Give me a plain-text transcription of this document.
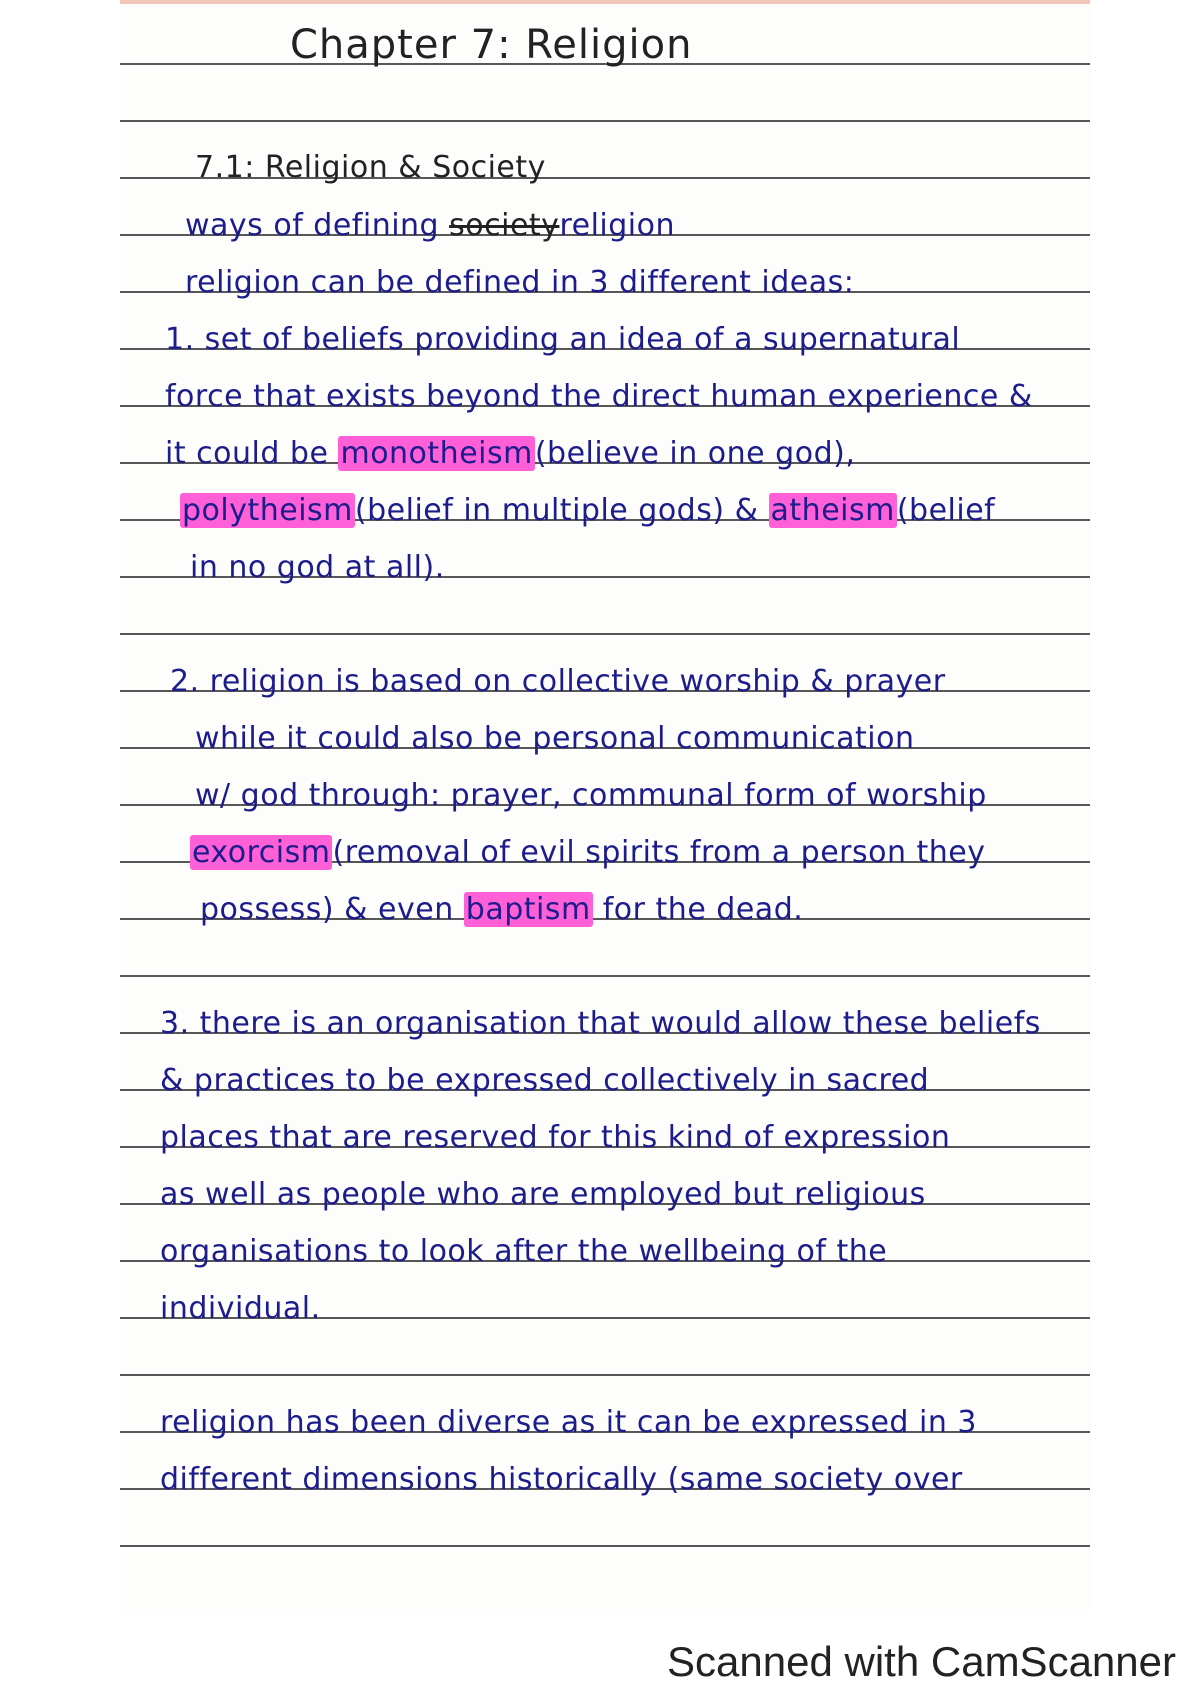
Chapter 7: Religion
7.1: Religion & Society
ways of defining societyreligion
religion can be defined in 3 different ideas:
1. set of beliefs providing an idea of a supernatural
force that exists beyond the direct human experience &
it could be monotheism(believe in one god),
polytheism(belief in multiple gods) & atheism(belief
in no god at all).
2. religion is based on collective worship & prayer
while it could also be personal communication
w/ god through: prayer, communal form of worship
exorcism(removal of evil spirits from a person they
possess) & even baptism for the dead.
3. there is an organisation that would allow these beliefs
& practices to be expressed collectively in sacred
places that are reserved for this kind of expression
as well as people who are employed but religious
organisations to look after the wellbeing of the
individual.
religion has been diverse as it can be expressed in 3
different dimensions historically (same society over
Scanned with CamScanner
